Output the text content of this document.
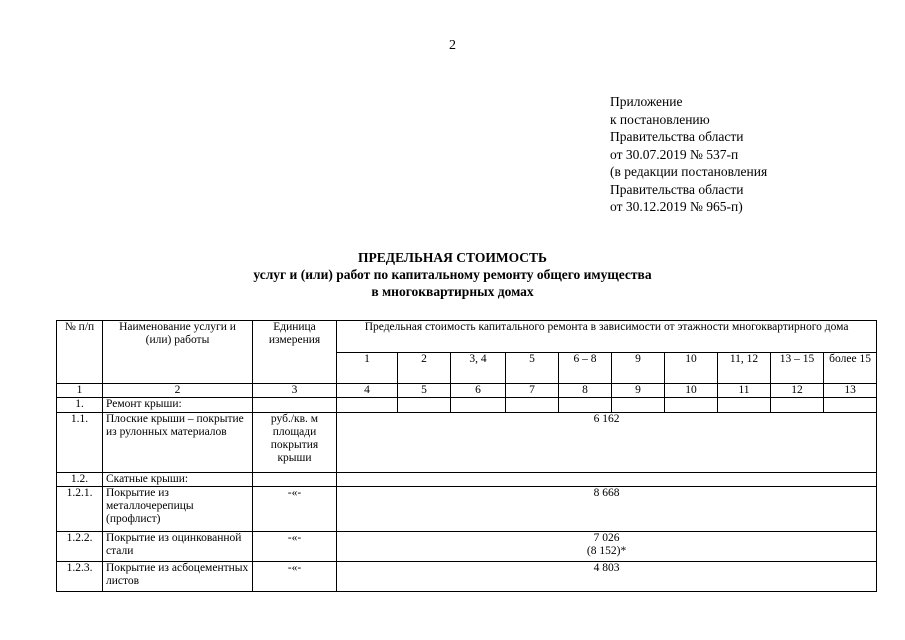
2
Приложение
к постановлению
Правительства области
от 30.07.2019 № 537-п
(в редакции постановления
Правительства области
от 30.12.2019 № 965-п)
ПРЕДЕЛЬНАЯ СТОИМОСТЬ
услуг и (или) работ по капитальному ремонту общего имущества
в многоквартирных домах
№ п/п	Наименование услуги и (или) работы	Единица измерения	Предельная стоимость капитального ремонта в зависимости от этажности многоквартирного дома									
			1	2	3, 4	5	6 – 8	9	10	11, 12	13 – 15	более 15
1	2	3	4	5	6	7	8	9	10	11	12	13
1.	Ремонт крыши:											
1.1.	Плоские крыши – покрытие из рулонных материалов	руб./кв. м площади покрытия крыши	6 162									
1.2.	Скатные крыши:											
1.2.1.	Покрытие из металлочерепицы (профлист)	-«-	8 668									
1.2.2.	Покрытие из оцинкованной стали	-«-	7 026
(8 152)*									

1.2.3.	Покрытие из асбоцементных листов	-«-	4 803									
